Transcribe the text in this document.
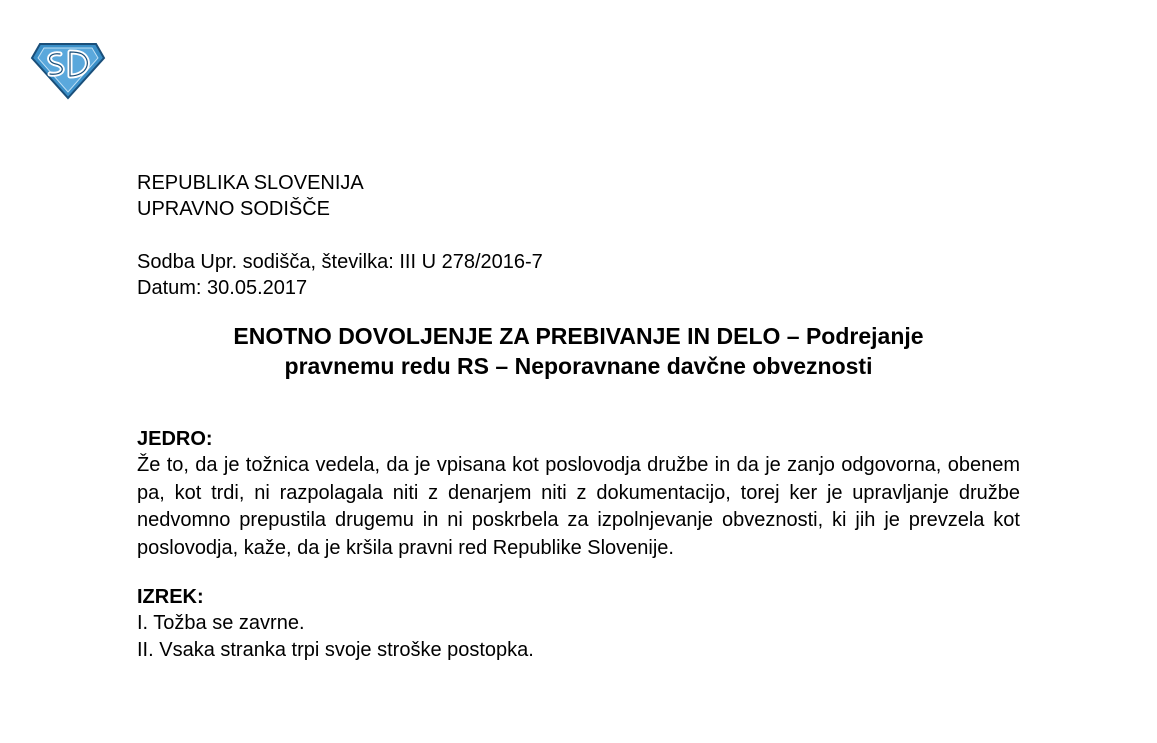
REPUBLIKA SLOVENIJA
UPRAVNO SODIŠČE
Sodba Upr. sodišča, številka: III U 278/2016-7
Datum: 30.05.2017
ENOTNO DOVOLJENJE ZA PREBIVANJE IN DELO – Podrejanje
pravnemu redu RS – Neporavnane davčne obveznosti
JEDRO:
Že to, da je tožnica vedela, da je vpisana kot poslovodja družbe in da je zanjo odgovorna, obenem pa, kot trdi, ni razpolagala niti z denarjem niti z dokumentacijo, torej ker je upravljanje družbe nedvomno prepustila drugemu in ni poskrbela za izpolnjevanje obveznosti, ki jih je prevzela kot poslovodja, kaže, da je kršila pravni red Republike Slovenije.
IZREK:
I. Tožba se zavrne.
II. Vsaka stranka trpi svoje stroške postopka.
